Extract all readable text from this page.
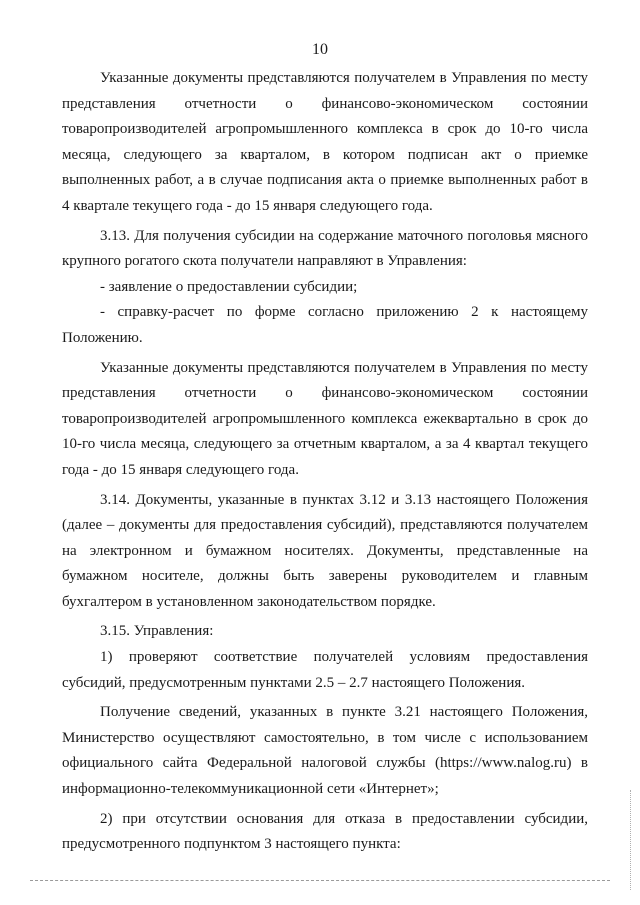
10

Указанные документы представляются получателем в Управления по месту представления отчетности о финансово-экономическом состоянии товаропроизводителей агропромышленного комплекса в срок до 10-го числа месяца, следующего за кварталом, в котором подписан акт о приемке выполненных работ, а в случае подписания акта о приемке выполненных работ в 4 квартале текущего года - до 15 января следующего года.

3.13. Для получения субсидии на содержание маточного поголовья мясного крупного рогатого скота получатели направляют в Управления:

- заявление о предоставлении субсидии;

- справку-расчет по форме согласно приложению 2 к настоящему Положению.

Указанные документы представляются получателем в Управления по месту представления отчетности о финансово-экономическом состоянии товаропроизводителей агропромышленного комплекса ежеквартально в срок до 10-го числа месяца, следующего за отчетным кварталом, а за 4 квартал текущего года - до 15 января следующего года.

3.14. Документы, указанные в пунктах 3.12 и 3.13 настоящего Положения (далее – документы для предоставления субсидий), представляются получателем на электронном и бумажном носителях. Документы, представленные на бумажном носителе, должны быть заверены руководителем и главным бухгалтером в установленном законодательством порядке.

3.15. Управления:

1) проверяют соответствие получателей условиям предоставления субсидий, предусмотренным пунктами 2.5 – 2.7 настоящего Положения.

Получение сведений, указанных в пункте 3.21 настоящего Положения, Министерство осуществляют самостоятельно, в том числе с использованием официального сайта Федеральной налоговой службы (https://www.nalog.ru) в информационно-телекоммуникационной сети «Интернет»;

2) при отсутствии основания для отказа в предоставлении субсидии, предусмотренного подпунктом 3 настоящего пункта:
